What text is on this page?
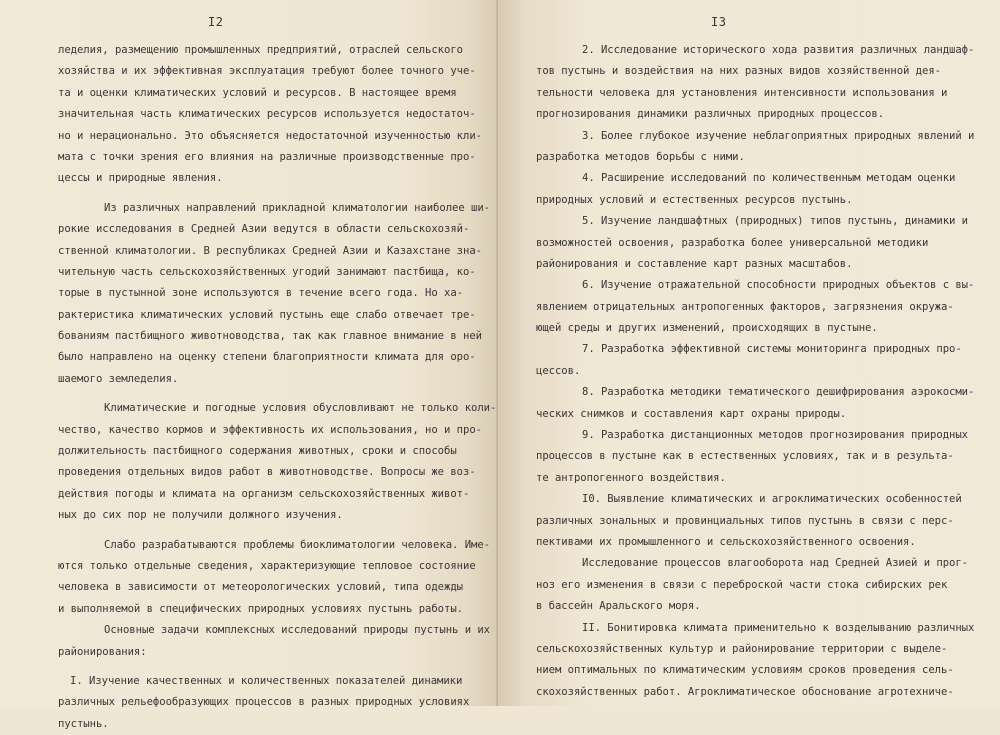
I2
леделия, размещению промышленных предприятий, отраслей сельского
хозяйства и их эффективная эксплуатация требуют более точного уче-
та и оценки климатических условий и ресурсов. В настоящее время
значительная часть климатических ресурсов используется недостаточ-
но и нерационально. Это объясняется недостаточной изученностью кли-
мата с точки зрения его влияния на различные производственные про-
цессы и природные явления.
Из различных направлений прикладной климатологии наиболее ши-
рокие исследования в Средней Азии ведутся в области сельскохозяй-
ственной климатологии. В республиках Средней Азии и Казахстане зна-
чительную часть сельскохозяйственных угодий занимают пастбища, ко-
торые в пустынной зоне используются в течение всего года. Но ха-
рактеристика климатических условий пустынь еще слабо отвечает тре-
бованиям пастбищного животноводства, так как главное внимание в ней
было направлено на оценку степени благоприятности климата для оро-
шаемого земледелия.
Климатические и погодные условия обусловливают не только коли-
чество, качество кормов и эффективность их использования, но и про-
должительность пастбищного содержания животных, сроки и способы
проведения отдельных видов работ в животноводстве. Вопросы же воз-
действия погоды и климата на организм сельскохозяйственных живот-
ных до сих пор не получили должного изучения.
Слабо разрабатываются проблемы биоклиматологии человека. Име-
ются только отдельные сведения, характеризующие тепловое состояние
человека в зависимости от метеорологических условий, типа одежды
и выполняемой в специфических природных условиях пустынь работы.
Основные задачи комплексных исследований природы пустынь и их
районирования:
I. Изучение качественных и количественных показателей динамики
различных рельефообразующих процессов в разных природных условиях
пустынь.
I3
2. Исследование исторического хода развития различных ландшаф-
тов пустынь и воздействия на них разных видов хозяйственной дея-
тельности человека для установления интенсивности использования и
прогнозирования динамики различных природных процессов.
3. Более глубокое изучение неблагоприятных природных явлений и
разработка методов борьбы с ними.
4. Расширение исследований по количественным методам оценки
природных условий и естественных ресурсов пустынь.
5. Изучение ландшафтных (природных) типов пустынь, динамики и
возможностей освоения, разработка более универсальной методики
районирования и составление карт разных масштабов.
6. Изучение отражательной способности природных объектов с вы-
явлением отрицательных антропогенных факторов, загрязнения окружа-
ющей среды и других изменений, происходящих в пустыне.
7. Разработка эффективной системы мониторинга природных про-
цессов.
8. Разработка методики тематического дешифрирования аэрокосми-
ческих снимков и составления карт охраны природы.
9. Разработка дистанционных методов прогнозирования природных
процессов в пустыне как в естественных условиях, так и в результа-
те антропогенного воздействия.
I0. Выявление климатических и агроклиматических особенностей
различных зональных и провинциальных типов пустынь в связи с перс-
пективами их промышленного и сельскохозяйственного освоения.
Исследование процессов влагооборота над Средней Азией и прог-
ноз его изменения в связи с переброской части стока сибирских рек
в бассейн Аральского моря.
II. Бонитировка климата применительно к возделыванию различных
сельскохозяйственных культур и районирование территории с выделе-
нием оптимальных по климатическим условиям сроков проведения сель-
скохозяйственных работ. Агроклиматическое обоснование агротехниче-
